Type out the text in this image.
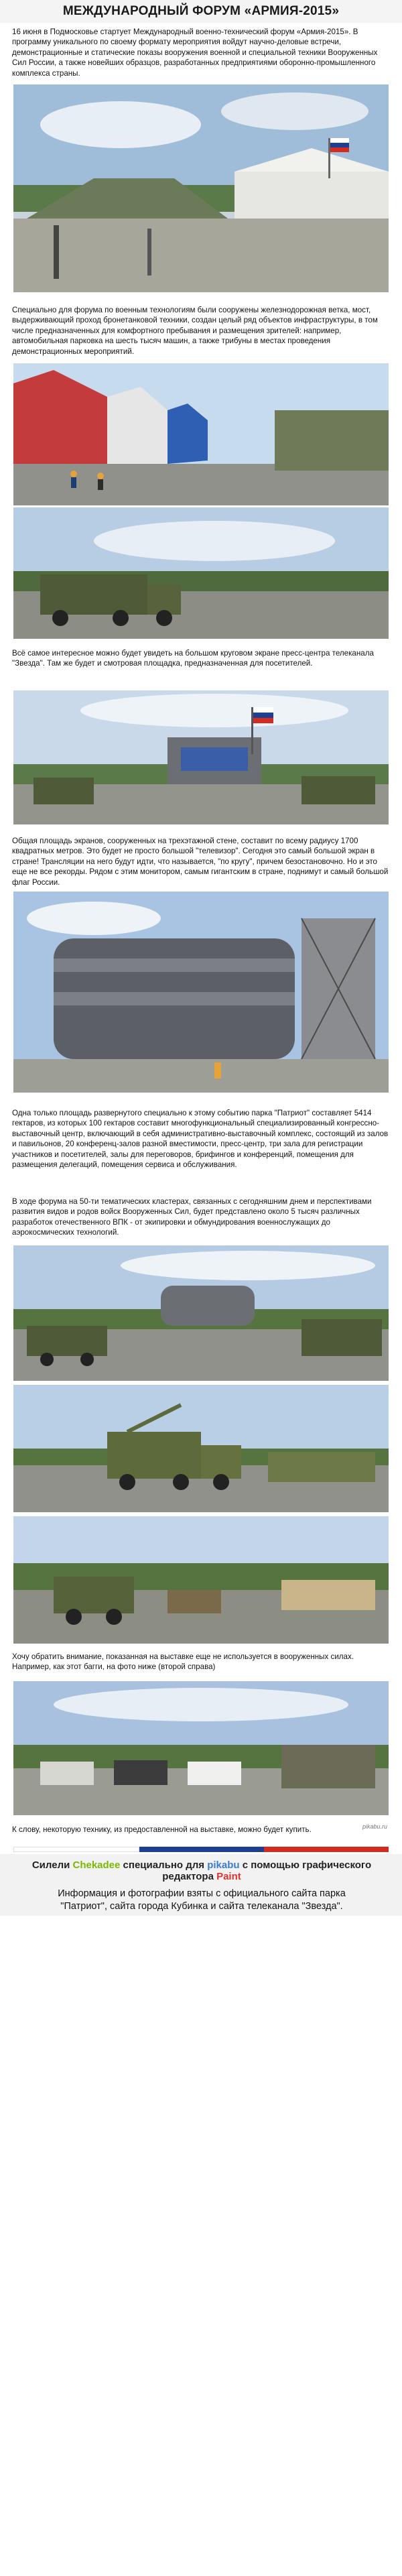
МЕЖДУНАРОДНЫЙ ФОРУМ «АРМИЯ-2015»

16 июня в Подмосковье стартует Международный военно-технический форум «Армия-2015». В программу уникального по своему формату мероприятия войдут научно-деловые встречи, демонстрационные и статические показы вооружения военной и специальной техники Вооруженных Сил России, а также новейших образцов, разработанных предприятиями оборонно-промышленного комплекса страны.

Специально для форума по военным технологиям были сооружены железнодорожная ветка, мост, выдерживающий проход бронетанковой техники, создан целый ряд объектов инфраструктуры, в том числе предназначенных для комфортного пребывания и размещения зрителей: например, автомобильная парковка на шесть тысяч машин, а также трибуны в местах проведения демонстрационных мероприятий.

Всё самое интересное можно будет увидеть на большом круговом экране пресс-центра телеканала "Звезда". Там же будет и смотровая площадка, предназначенная для посетителей.

Общая площадь экранов, сооруженных на трехэтажной стене, составит по всему радиусу 1700 квадратных метров. Это будет не просто большой "телевизор". Сегодня это самый большой экран в стране! Трансляции на него будут идти, что называется, "по кругу", причем безостановочно. Но и это еще не все рекорды. Рядом с этим монитором, самым гигантским в стране, поднимут и самый большой флаг России.

Одна только площадь развернутого специально к этому событию парка "Патриот" составляет 5414 гектаров, из которых 100 гектаров составит многофункциональный специализированный конгрессно-выставочный центр, включающий в себя административно-выставочный комплекс, состоящий из залов и павильонов, 20 конференц-залов разной вместимости, пресс-центр, три зала для регистрации участников и посетителей, залы для переговоров, брифингов и конференций, помещения для размещения делегаций, помещения сервиса и обслуживания.

В ходе форума на 50-ти тематических кластерах, связанных с сегодняшним днем и перспективами развития видов и родов войск Вооруженных Сил, будет представлено около 5 тысяч различных разработок отечественного ВПК - от экипировки и обмундирования военнослужащих до аэрокосмических технологий.

Хочу обратить внимание, показанная на выставке еще не используется в вооруженных силах. Например, как этот багги, на фото ниже (второй справа)

К слову, некоторую технику, из предоставленной на выставке, можно будет купить.	pikabu.ru

Силели Chekadee специально для pikabu с помощью графического редактора Paint

Информация и фотографии взяты с официального сайта парка

"Патриот", сайта города Кубинка и сайта телеканала "Звезда".
